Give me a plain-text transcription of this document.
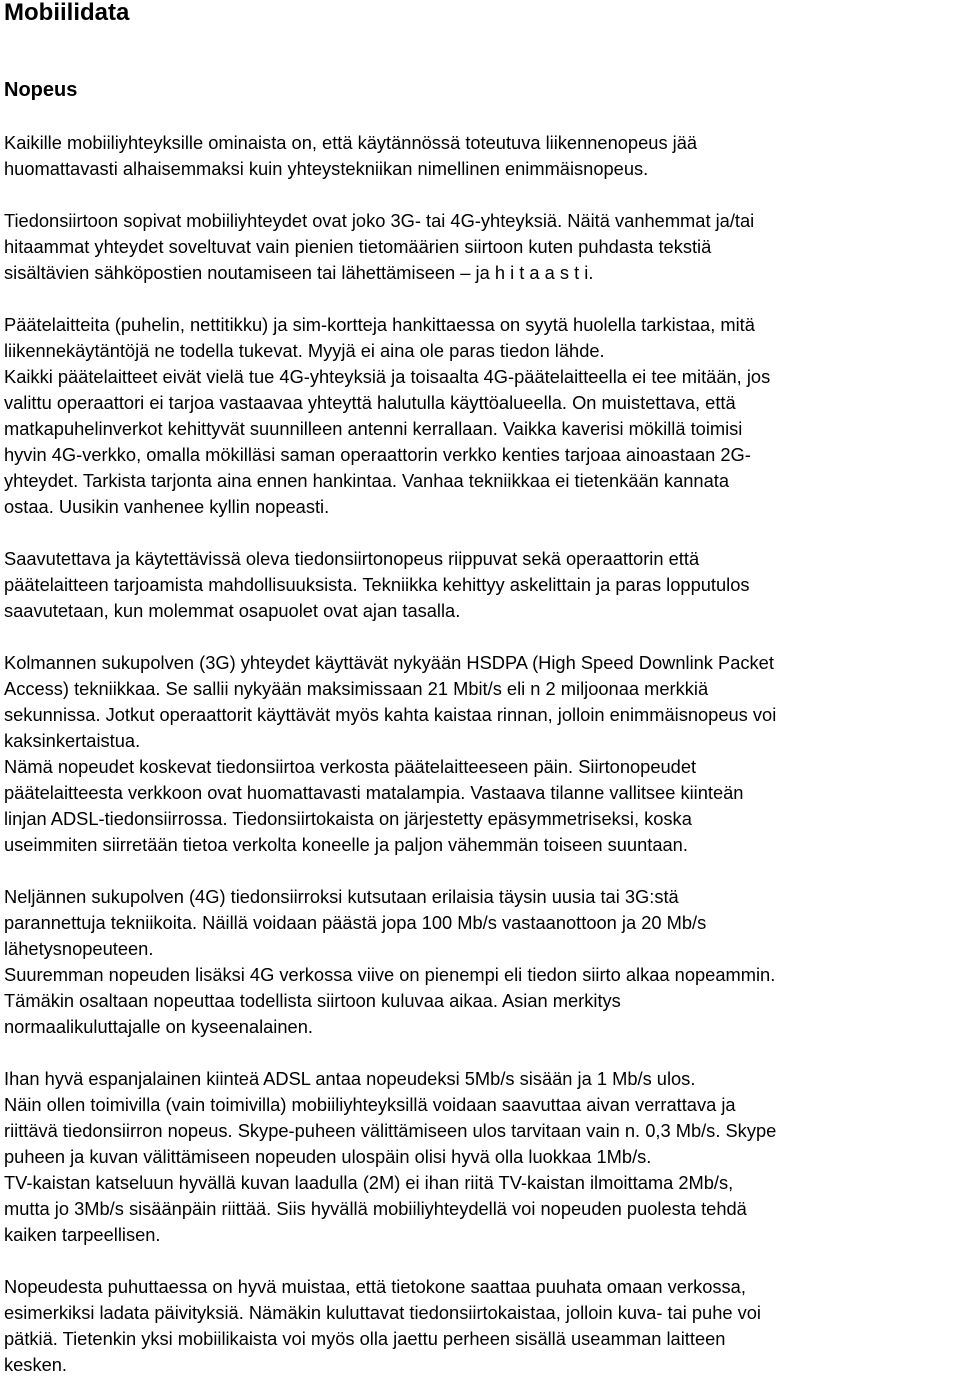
Mobiilidata
Nopeus

Kaikille mobiiliyhteyksille ominaista on, että käytännössä toteutuva liikennenopeus jää

huomattavasti alhaisemmaksi kuin yhteystekniikan nimellinen enimmäisnopeus.

Tiedonsiirtoon sopivat mobiiliyhteydet ovat joko 3G- tai 4G-yhteyksiä. Näitä vanhemmat ja/tai

hitaammat yhteydet soveltuvat vain pienien tietomäärien siirtoon kuten puhdasta tekstiä

sisältävien sähköpostien noutamiseen tai lähettämiseen – ja h i t a a s t i.

Päätelaitteita (puhelin, nettitikku) ja sim-kortteja hankittaessa on syytä huolella tarkistaa, mitä

liikennekäytäntöjä ne todella tukevat. Myyjä ei aina ole paras tiedon lähde.

Kaikki päätelaitteet eivät vielä tue 4G-yhteyksiä ja toisaalta 4G-päätelaitteella ei tee mitään, jos

valittu operaattori ei tarjoa vastaavaa yhteyttä halutulla käyttöalueella. On muistettava, että

matkapuhelinverkot kehittyvät suunnilleen antenni kerrallaan. Vaikka kaverisi mökillä toimisi

hyvin 4G-verkko, omalla mökilläsi saman operaattorin verkko kenties tarjoaa ainoastaan 2G-

yhteydet. Tarkista tarjonta aina ennen hankintaa. Vanhaa tekniikkaa ei tietenkään kannata

ostaa. Uusikin vanhenee kyllin nopeasti.

Saavutettava ja käytettävissä oleva tiedonsiirtonopeus riippuvat sekä operaattorin että

päätelaitteen tarjoamista mahdollisuuksista. Tekniikka kehittyy askelittain ja paras lopputulos

saavutetaan, kun molemmat osapuolet ovat ajan tasalla.

Kolmannen sukupolven (3G) yhteydet käyttävät nykyään HSDPA (High Speed Downlink Packet

Access) tekniikkaa. Se sallii nykyään maksimissaan 21 Mbit/s eli n 2 miljoonaa merkkiä

sekunnissa. Jotkut operaattorit käyttävät myös kahta kaistaa rinnan, jolloin enimmäisnopeus voi

kaksinkertaistua.

Nämä nopeudet koskevat tiedonsiirtoa verkosta päätelaitteeseen päin. Siirtonopeudet

päätelaitteesta verkkoon ovat huomattavasti matalampia. Vastaava tilanne vallitsee kiinteän

linjan ADSL-tiedonsiirrossa. Tiedonsiirtokaista on järjestetty epäsymmetriseksi, koska

useimmiten siirretään tietoa verkolta koneelle ja paljon vähemmän toiseen suuntaan.

Neljännen sukupolven (4G) tiedonsiirroksi kutsutaan erilaisia täysin uusia tai 3G:stä

parannettuja tekniikoita. Näillä voidaan päästä jopa 100 Mb/s vastaanottoon ja 20 Mb/s

lähetysnopeuteen.

Suuremman nopeuden lisäksi 4G verkossa viive on pienempi eli tiedon siirto alkaa nopeammin.

Tämäkin osaltaan nopeuttaa todellista siirtoon kuluvaa aikaa. Asian merkitys

normaalikuluttajalle on kyseenalainen.

Ihan hyvä espanjalainen kiinteä ADSL antaa nopeudeksi 5Mb/s sisään ja 1 Mb/s ulos.

Näin ollen toimivilla (vain toimivilla) mobiiliyhteyksillä voidaan saavuttaa aivan verrattava ja

riittävä tiedonsiirron nopeus. Skype-puheen välittämiseen ulos tarvitaan vain n. 0,3 Mb/s. Skype

puheen ja kuvan välittämiseen nopeuden ulospäin olisi hyvä olla luokkaa 1Mb/s.

TV-kaistan katseluun hyvällä kuvan laadulla (2M) ei ihan riitä TV-kaistan ilmoittama 2Mb/s,

mutta jo 3Mb/s sisäänpäin riittää. Siis hyvällä mobiiliyhteydellä voi nopeuden puolesta tehdä

kaiken tarpeellisen.

Nopeudesta puhuttaessa on hyvä muistaa, että tietokone saattaa puuhata omaan verkossa,

esimerkiksi ladata päivityksiä. Nämäkin kuluttavat tiedonsiirtokaistaa, jolloin kuva- tai puhe voi

pätkiä. Tietenkin yksi mobiilikaista voi myös olla jaettu perheen sisällä useamman laitteen

kesken.
